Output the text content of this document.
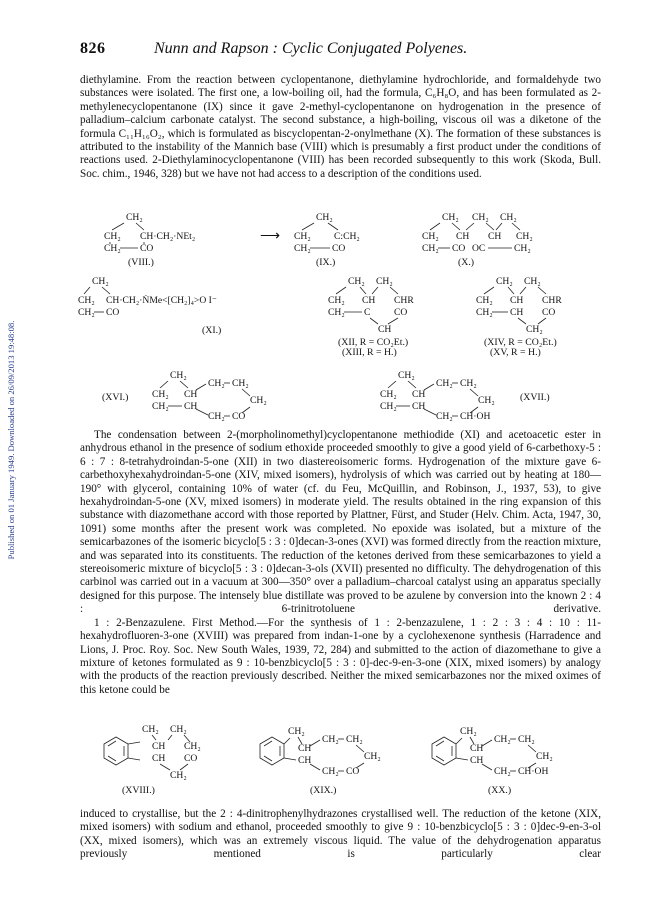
Published on 01 January 1949. Downloaded on 26/09/2013 19:48:08.
826	Nunn and Rapson : Cyclic Conjugated Polyenes.

diethylamine. From the reaction between cyclopentanone, diethylamine hydrochloride, and formaldehyde two substances were isolated. The first one, a low-boiling oil, had the formula, C₆H₈O, and has been formulated as 2-methylenecyclopentanone (IX) since it gave 2-methyl-cyclopentanone on hydrogenation in the presence of palladium–calcium carbonate catalyst. The second substance, a high-boiling, viscous oil was a diketone of the formula C₁₁H₁₆O₂, which is formulated as biscyclopentan-2-onylmethane (X). The formation of these substances is attributed to the instability of the Mannich base (VIII) which is presumably a first product under the conditions of reactions used. 2-Diethylaminocyclopentanone (VIII) has been recorded subsequently to this work (Skoda, Bull. Soc. chim., 1946, 328) but we have not had access to a description of the conditions used.

CH₂
CH₂ CH·CH₂·NEt₂
CH₂ CO
(VIII.)
⟶
CH₂
CH₂ C:CH₂
CH₂ CO
(IX.)
CH₂ CH₂ CH₂
CH₂ CH CH CH₂
CH₂ CO OC	CH₂
(X.)
CH₂
CH₂ CH·CH₂·ṄMe<[CH₂]₄>O I⁻
CH₂ CO
(XI.)
CH₂ CH₂
CH₂ CH CHR
CH₂ C CO
CH
(XII, R = CO₂Et.)
(XIII, R = H.)
CH₂ CH₂
CH₂ CH CHR
CH₂ CH CO
CH₂
(XIV, R = CO₂Et.)
(XV, R = H.)
(XVI.)
CH₂
CH₂ CH
CH₂ CH
CH₂ CH₂
CH₂
CH₂ CO
CH₂
CH₂ CH
CH₂ CH
CH₂ CH₂
CH₂
CH₂ CH·OH
(XVII.)

The condensation between 2-(morpholinomethyl)cyclopentanone methiodide (XI) and acetoacetic ester in anhydrous ethanol in the presence of sodium ethoxide proceeded smoothly to give a good yield of 6-carbethoxy-5 : 6 : 7 : 8-tetrahydroindan-5-one (XII) in two diastereoisomeric forms. Hydrogenation of the mixture gave 6-carbethoxyhexahydroindan-5-one (XIV, mixed isomers), hydrolysis of which was carried out by heating at 180—190° with glycerol, containing 10% of water (cf. du Feu, McQuillin, and Robinson, J., 1937, 53), to give hexahydroindan-5-one (XV, mixed isomers) in moderate yield. The results obtained in the ring expansion of this substance with diazomethane accord with those reported by Plattner, Fürst, and Studer (Helv. Chim. Acta, 1947, 30, 1091) some months after the present work was completed. No epoxide was isolated, but a mixture of the semicarbazones of the isomeric bicyclo[5 : 3 : 0]decan-3-ones (XVI) was formed directly from the reaction mixture, and was separated into its constituents. The reduction of the ketones derived from these semicarbazones to yield a stereoisomeric mixture of bicyclo[5 : 3 : 0]decan-3-ols (XVII) presented no difficulty. The dehydrogenation of this carbinol was carried out in a vacuum at 300—350° over a palladium–charcoal catalyst using an apparatus specially designed for this purpose. The intensely blue distillate was proved to be azulene by conversion into the known 2 : 4 : 6-trinitrotoluene derivative.

1 : 2-Benzazulene. First Method.—For the synthesis of 1 : 2-benzazulene, 1 : 2 : 3 : 4 : 10 : 11-hexahydrofluoren-3-one (XVIII) was prepared from indan-1-one by a cyclohexenone synthesis (Harradence and Lions, J. Proc. Roy. Soc. New South Wales, 1939, 72, 284) and submitted to the action of diazomethane to give a mixture of ketones formulated as 9 : 10-benzbicyclo[5 : 3 : 0]-dec-9-en-3-one (XIX, mixed isomers) by analogy with the products of the reaction previously described. Neither the mixed semicarbazones nor the mixed oximes of this ketone could be

CH₂ CH₂
CH CH₂
CH CO
CH₂
(XVIII.)
CH₂
CH
CH
CH₂ CH₂
CH₂
CH₂ CO
(XIX.)
CH₂
CH
CH
CH₂ CH₂
CH₂
CH₂ CH·OH
(XX.)

induced to crystallise, but the 2 : 4-dinitrophenylhydrazones crystallised well. The reduction of the ketone (XIX, mixed isomers) with sodium and ethanol, proceeded smoothly to give 9 : 10-benzbicyclo[5 : 3 : 0]dec-9-en-3-ol (XX, mixed isomers), which was an extremely viscous liquid. The value of the dehydrogenation apparatus previously mentioned is particularly clear
